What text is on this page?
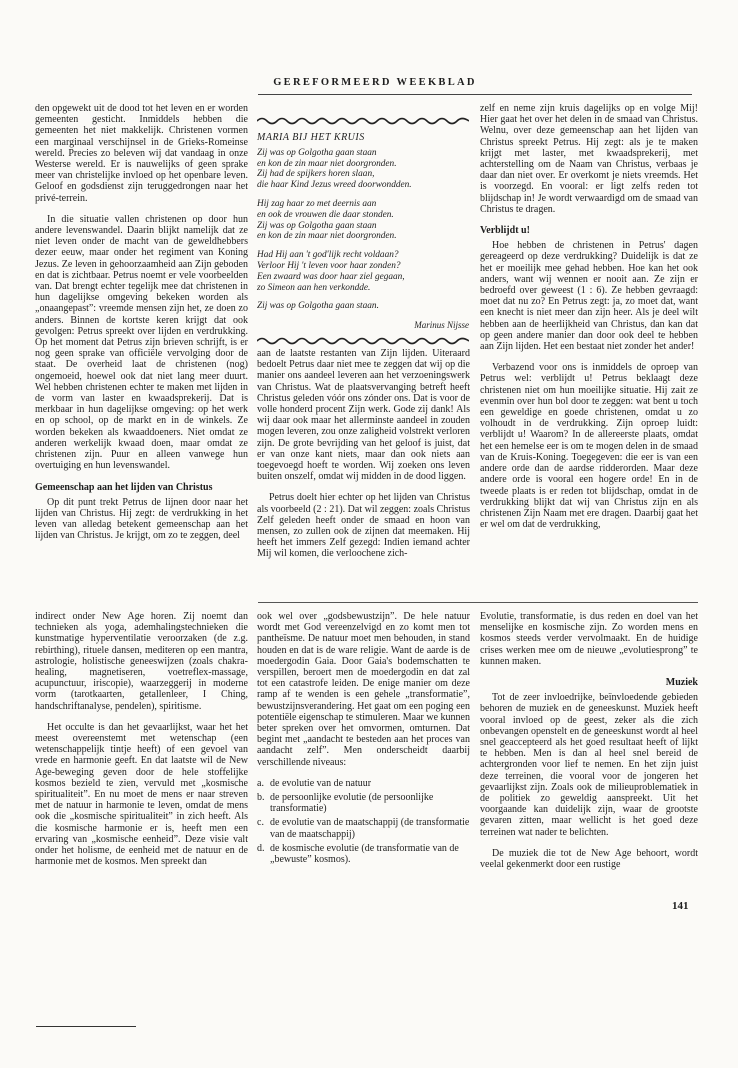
GEREFORMEERD WEEKBLAD

den opgewekt uit de dood tot het leven en er worden gemeenten gesticht. Inmiddels hebben die gemeenten het niet makkelijk. Christenen vormen een marginaal verschijnsel in de Grieks-Romeinse wereld. Precies zo beleven wij dat vandaag in onze Westerse wereld. Er is nauwelijks of geen sprake meer van christelijke invloed op het openbare leven. Geloof en godsdienst zijn teruggedrongen naar het privé-terrein.

In die situatie vallen christenen op door hun andere levenswandel. Daarin blijkt namelijk dat ze niet leven onder de macht van de geweldhebbers dezer eeuw, maar onder het regiment van Koning Jezus. Ze leven in gehoorzaamheid aan Zijn geboden en dat is zichtbaar. Petrus noemt er vele voorbeelden van. Dat brengt echter tegelijk mee dat christenen in hun dagelijkse omgeving bekeken worden als „onaangepast”: vreemde mensen zijn het, ze doen zo anders. Binnen de kortste keren krijgt dat ook gevolgen: Petrus spreekt over lijden en verdrukking. Op het moment dat Petrus zijn brieven schrijft, is er nog geen sprake van officiële vervolging door de staat. De overheid laat de christenen (nog) ongemoeid, hoewel ook dat niet lang meer duurt. Wel hebben christenen echter te maken met lijden in de vorm van laster en kwaadsprekerij. Dat is merkbaar in hun dagelijkse omgeving: op het werk en op school, op de markt en in de winkels. Ze worden bekeken als kwaaddoeners. Niet omdat ze anderen werkelijk kwaad doen, maar omdat ze christenen zijn. Puur en alleen vanwege hun overtuiging en hun levenswandel.

Gemeenschap aan het lijden van Christus

Op dit punt trekt Petrus de lijnen door naar het lijden van Christus. Hij zegt: de verdrukking in het leven van alledag betekent gemeenschap aan het lijden van Christus. Je krijgt, om zo te zeggen, deel

MARIA BIJ HET KRUIS
Zij was op Golgotha gaan staan
en kon de zin maar niet doorgronden.
Zij had de spijkers horen slaan,
die haar Kind Jezus wreed doorwondden.
Hij zag haar zo met deernis aan
en ook de vrouwen die daar stonden.
Zij was op Golgotha gaan staan
en kon de zin maar niet doorgronden.
Had Hij aan 't god'lijk recht voldaan?
Verloor Hij 't leven voor haar zonden?
Een zwaard was door haar ziel gegaan,
zo Simeon aan hen verkondde.
Zij was op Golgotha gaan staan.
Marinus Nijsse

aan de laatste restanten van Zijn lijden. Uiteraard bedoelt Petrus daar niet mee te zeggen dat wij op die manier ons aandeel leveren aan het verzoeningswerk van Christus. Wat de plaatsvervanging betreft heeft Christus geleden vóór ons zónder ons. Dat is voor de volle honderd procent Zijn werk. Gode zij dank! Als wij daar ook maar het allerminste aandeel in zouden mogen leveren, zou onze zaligheid volstrekt verloren zijn. De grote bevrijding van het geloof is juist, dat er van onze kant niets, maar dan ook niets aan toegevoegd hoeft te worden. Wij zoeken ons leven buiten onszelf, omdat wij midden in de dood liggen.

Petrus doelt hier echter op het lijden van Christus als voorbeeld (2 : 21). Dat wil zeggen: zoals Christus Zelf geleden heeft onder de smaad en hoon van mensen, zo zullen ook de zijnen dat meemaken. Hij heeft het immers Zelf gezegd: Indien iemand achter Mij wil komen, die verloochene zich-

zelf en neme zijn kruis dagelijks op en volge Mij! Hier gaat het over het delen in de smaad van Christus. Welnu, over deze gemeenschap aan het lijden van Christus spreekt Petrus. Hij zegt: als je te maken krijgt met laster, met kwaadsprekerij, met achterstelling om de Naam van Christus, verbaas je daar dan niet over. Er overkomt je niets vreemds. Het is voorzegd. En vooral: er ligt zelfs reden tot blijdschap in! Je wordt verwaardigd om de smaad van Christus te dragen.

Verblijdt u!

Hoe hebben de christenen in Petrus' dagen gereageerd op deze verdrukking? Duidelijk is dat ze het er moeilijk mee gehad hebben. Hoe kan het ook anders, want wij wennen er nooit aan. Ze zijn er bedroefd over geweest (1 : 6). Ze hebben gevraagd: moet dat nu zo? En Petrus zegt: ja, zo moet dat, want een knecht is niet meer dan zijn heer. Als je deel wilt hebben aan de heerlijkheid van Christus, dan kan dat op geen andere manier dan door ook deel te hebben aan Zijn lijden. Het een bestaat niet zonder het ander!

Verbazend voor ons is inmiddels de oproep van Petrus wel: verblijdt u! Petrus beklaagt deze christenen niet om hun moeilijke situatie. Hij zait ze evenmin over hun bol door te zeggen: wat bent u toch een geweldige en goede christenen, omdat u zo volhoudt in de verdrukking. Zijn oproep luidt: verblijdt u! Waarom? In de allereerste plaats, omdat het een hemelse eer is om te mogen delen in de smaad van de Kruis-Koning. Toegegeven: die eer is van een andere orde dan de aardse ridderorden. Maar deze andere orde is vooral een hogere orde! En in de tweede plaats is er reden tot blijdschap, omdat in de verdrukking blijkt dat wij van Christus zijn en als christenen Zijn Naam met ere dragen. Daarbij gaat het er wel om dat de verdrukking,

indirect onder New Age horen. Zij noemt dan technieken als yoga, ademhalingstechnieken die kunstmatige hyperventilatie veroorzaken (de z.g. rebirthing), rituele dansen, mediteren op een mantra, astrologie, holistische geneeswijzen (zoals chakra-healing, magnetiseren, voetreflex-massage, acupunctuur, iriscopie), waarzeggerij in moderne vorm (tarotkaarten, getallenleer, I Ching, handschriftanalyse, pendelen), spiritisme.

Het occulte is dan het gevaarlijkst, waar het het meest overeenstemt met wetenschap (een wetenschappelijk tintje heeft) of een gevoel van vrede en harmonie geeft. En dat laatste wil de New Age-beweging geven door de hele stoffelijke kosmos bezield te zien, vervuld met „kosmische spiritualiteit”. En nu moet de mens er naar streven met de natuur in harmonie te leven, omdat de mens ook die „kosmische spiritualiteit” in zich heeft. Als die kosmische harmonie er is, heeft men een ervaring van „kosmische eenheid”. Deze visie valt onder het holisme, de eenheid met de natuur en de harmonie met de kosmos. Men spreekt dan

ook wel over „godsbewustzijn”. De hele natuur wordt met God vereenzelvigd en zo komt men tot pantheïsme. De natuur moet men behouden, in stand houden en dat is de ware religie. Want de aarde is de moedergodin Gaia. Door Gaia's bodemschatten te verspillen, beroert men de moedergodin en dat zal tot een catastrofe leiden. De enige manier om deze ramp af te wenden is een gehele „transformatie”, bewustzijnsverandering. Het gaat om een poging een potentiële eigenschap te stimuleren. Maar we kunnen beter spreken over het omvormen, omturnen. Dat begint met „aandacht te besteden aan het proces van aandacht zelf”. Men onderscheidt daarbij verschillende niveaus:

a. de evolutie van de natuur
b. de persoonlijke evolutie (de persoonlijke transformatie)
c. de evolutie van de maatschappij (de transformatie van de maatschappij)
d. de kosmische evolutie (de transformatie van de „bewuste” kosmos).

Evolutie, transformatie, is dus reden en doel van het menselijke en kosmische zijn. Zo worden mens en kosmos steeds verder vervolmaakt. En de huidige crises werken mee om de nieuwe „evolutiesprong” te kunnen maken.

Muziek

Tot de zeer invloedrijke, beïnvloedende gebieden behoren de muziek en de geneeskunst. Muziek heeft vooral invloed op de geest, zeker als die zich onbevangen openstelt en de geneeskunst wordt al heel snel geaccepteerd als het goed resultaat heeft of lijkt te hebben. Men is dan al heel snel bereid de achtergronden voor lief te nemen. En het zijn juist deze terreinen, die vooral voor de jongeren het gevaarlijkst zijn. Zoals ook de milieuproblematiek in de politiek zo geweldig aanspreekt. Uit het voorgaande kan duidelijk zijn, waar de grootste gevaren zitten, maar wellicht is het goed deze terreinen wat nader te belichten.

De muziek die tot de New Age behoort, wordt veelal gekenmerkt door een rustige

141
